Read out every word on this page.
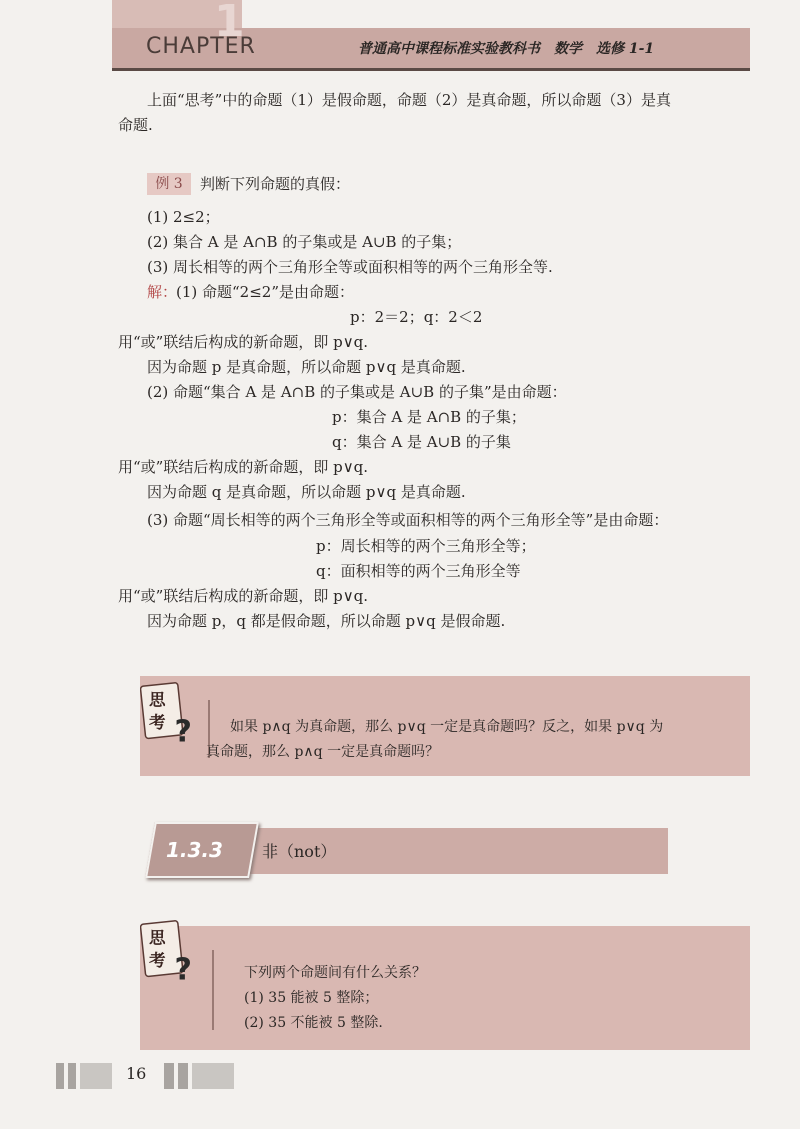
1
CHAPTER	普通高中课程标准实验教科书　数学　选修 1-1
上面“思考”中的命题（1）是假命题，命题（2）是真命题，所以命题（3）是真
命题.
例 3	判断下列命题的真假：
(1) 2≤2；
(2) 集合 A 是 A∩B 的子集或是 A∪B 的子集；
(3) 周长相等的两个三角形全等或面积相等的两个三角形全等.
解：
(1) 命题“2≤2”是由命题：
p：2＝2；q：2＜2
用“或”联结后构成的新命题，即 p∨q.
因为命题 p 是真命题，所以命题 p∨q 是真命题.
(2) 命题“集合 A 是 A∩B 的子集或是 A∪B 的子集”是由命题：
p：集合 A 是 A∩B 的子集；
q：集合 A 是 A∪B 的子集
用“或”联结后构成的新命题，即 p∨q.
因为命题 q 是真命题，所以命题 p∨q 是真命题.
(3) 命题“周长相等的两个三角形全等或面积相等的两个三角形全等”是由命题：
p：周长相等的两个三角形全等；
q：面积相等的两个三角形全等
用“或”联结后构成的新命题，即 p∨q.
因为命题 p，q 都是假命题，所以命题 p∨q 是假命题.
思
考 ?	如果 p∧q 为真命题，那么 p∨q 一定是真命题吗？反之，如果 p∨q 为
真命题，那么 p∧q 一定是真命题吗？
1.3.3 非（not）
思
考 ?	下列两个命题间有什么关系？
(1) 35 能被 5 整除；
(2) 35 不能被 5 整除.
16
